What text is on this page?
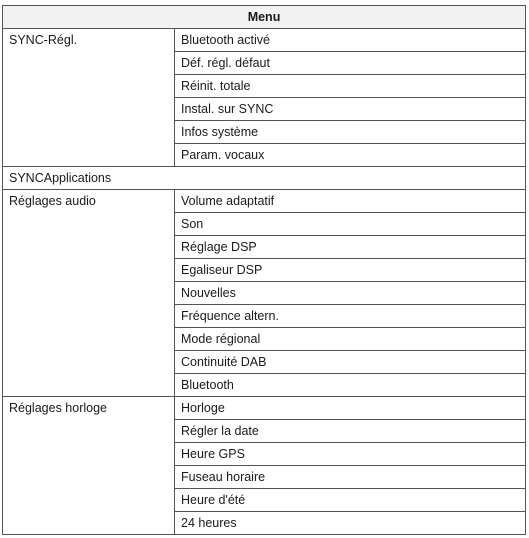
Menu	
SYNC-Régl.	Bluetooth activé
	Déf. régl. défaut
	Réinit. totale
	Instal. sur SYNC
	Infos système
	Param. vocaux
SYNCApplications	
Réglages audio	Volume adaptatif
	Son
	Réglage DSP
	Egaliseur DSP
	Nouvelles
	Fréquence altern.
	Mode régional
	Continuité DAB
	Bluetooth
Réglages horloge	Horloge
	Régler la date
	Heure GPS
	Fuseau horaire
	Heure d'été
	24 heures
